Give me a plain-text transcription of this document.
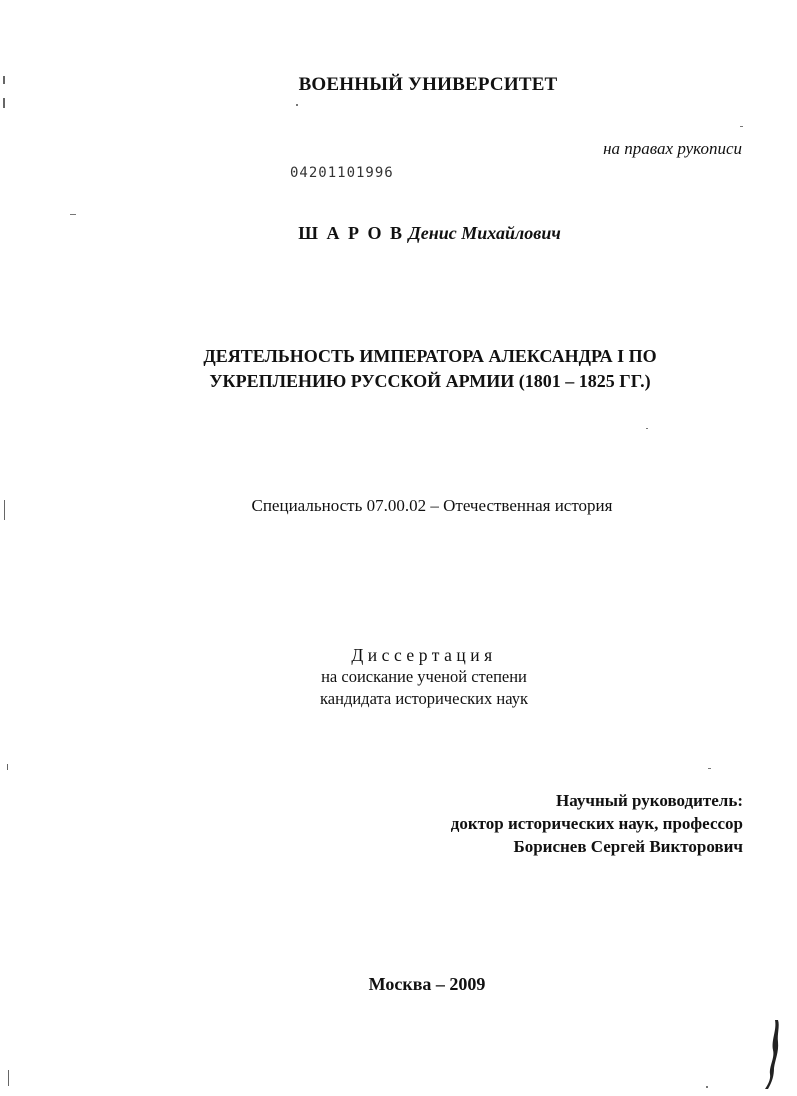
ВОЕННЫЙ УНИВЕРСИТЕТ
на правах рукописи
04201101996
Ш А Р О В Денис Михайлович
ДЕЯТЕЛЬНОСТЬ ИМПЕРАТОРА АЛЕКСАНДРА I ПО
УКРЕПЛЕНИЮ РУССКОЙ АРМИИ (1801 – 1825 ГГ.)
Специальность 07.00.02 – Отечественная история
Диссертация
на соискание ученой степени
кандидата исторических наук
Научный руководитель:
доктор исторических наук, профессор
Бориснев Сергей Викторович
Москва – 2009
